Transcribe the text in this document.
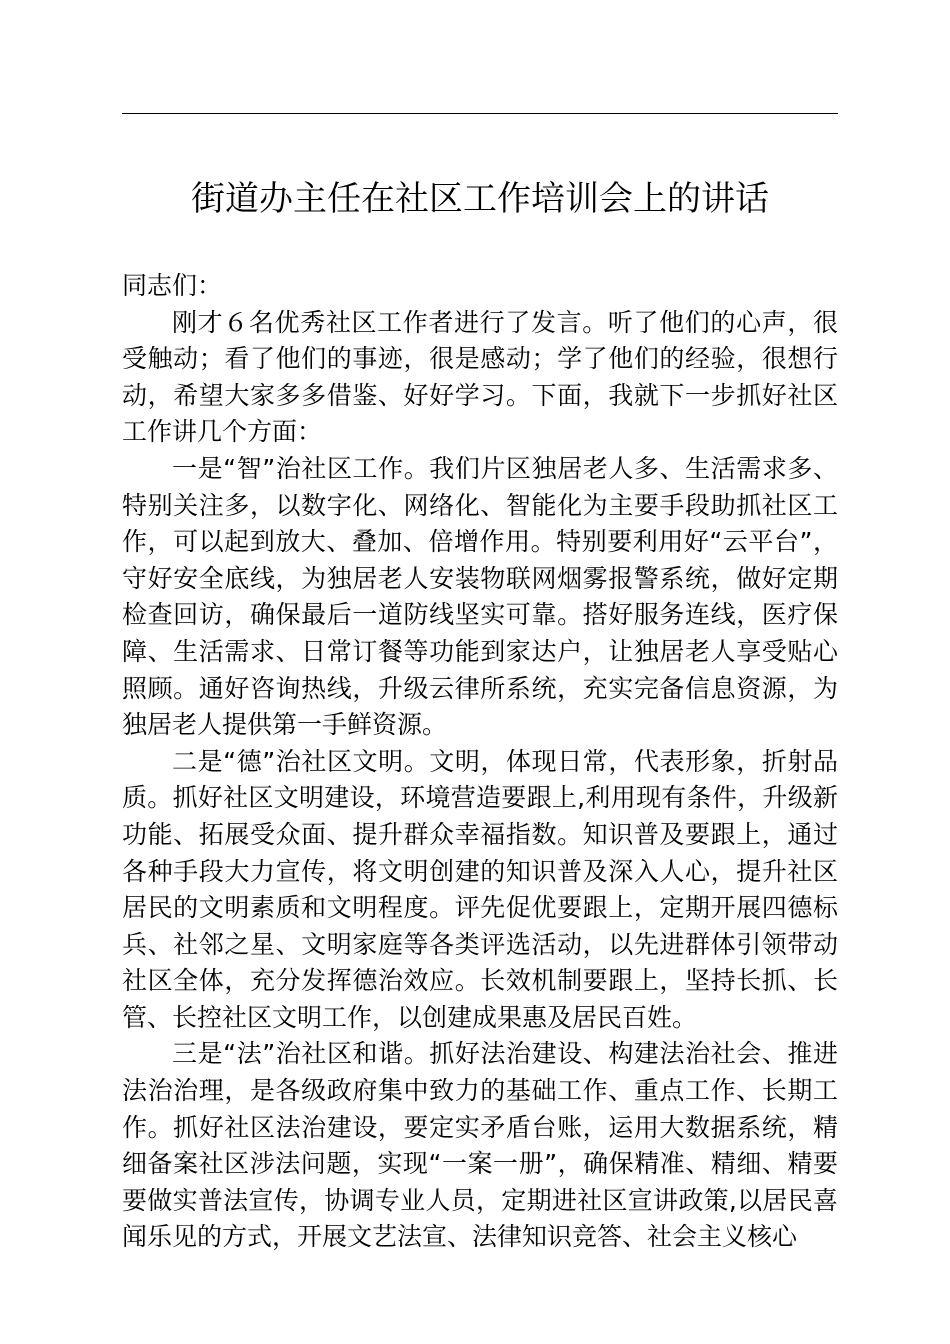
街道办主任在社区工作培训会上的讲话

同志们：

刚才６名优秀社区工作者进行了发言。听了他们的心声，很受触动；看了他们的事迹，很是感动；学了他们的经验，很想行动，希望大家多多借鉴、好好学习。下面，我就下一步抓好社区工作讲几个方面：

一是“智”治社区工作。我们片区独居老人多、生活需求多、特别关注多，以数字化、网络化、智能化为主要手段助抓社区工作，可以起到放大、叠加、倍增作用。特别要利用好“云平台”，守好安全底线，为独居老人安装物联网烟雾报警系统，做好定期检查回访，确保最后一道防线坚实可靠。搭好服务连线，医疗保障、生活需求、日常订餐等功能到家达户，让独居老人享受贴心照顾。通好咨询热线，升级云律所系统，充实完备信息资源，为独居老人提供第一手鲜资源。

二是“德”治社区文明。文明，体现日常，代表形象，折射品质。抓好社区文明建设，环境营造要跟上,利用现有条件，升级新功能、拓展受众面、提升群众幸福指数。知识普及要跟上，通过各种手段大力宣传，将文明创建的知识普及深入人心，提升社区居民的文明素质和文明程度。评先促优要跟上，定期开展四德标兵、社邻之星、文明家庭等各类评选活动，以先进群体引领带动社区全体，充分发挥德治效应。长效机制要跟上，坚持长抓、长管、长控社区文明工作，以创建成果惠及居民百姓。

三是“法”治社区和谐。抓好法治建设、构建法治社会、推进法治治理，是各级政府集中致力的基础工作、重点工作、长期工作。抓好社区法治建设，要定实矛盾台账，运用大数据系统，精细备案社区涉法问题，实现“一案一册”，确保精准、精细、精要要做实普法宣传，协调专业人员，定期进社区宣讲政策,以居民喜闻乐见的方式，开展文艺法宣、法律知识竞答、社会主义核心
